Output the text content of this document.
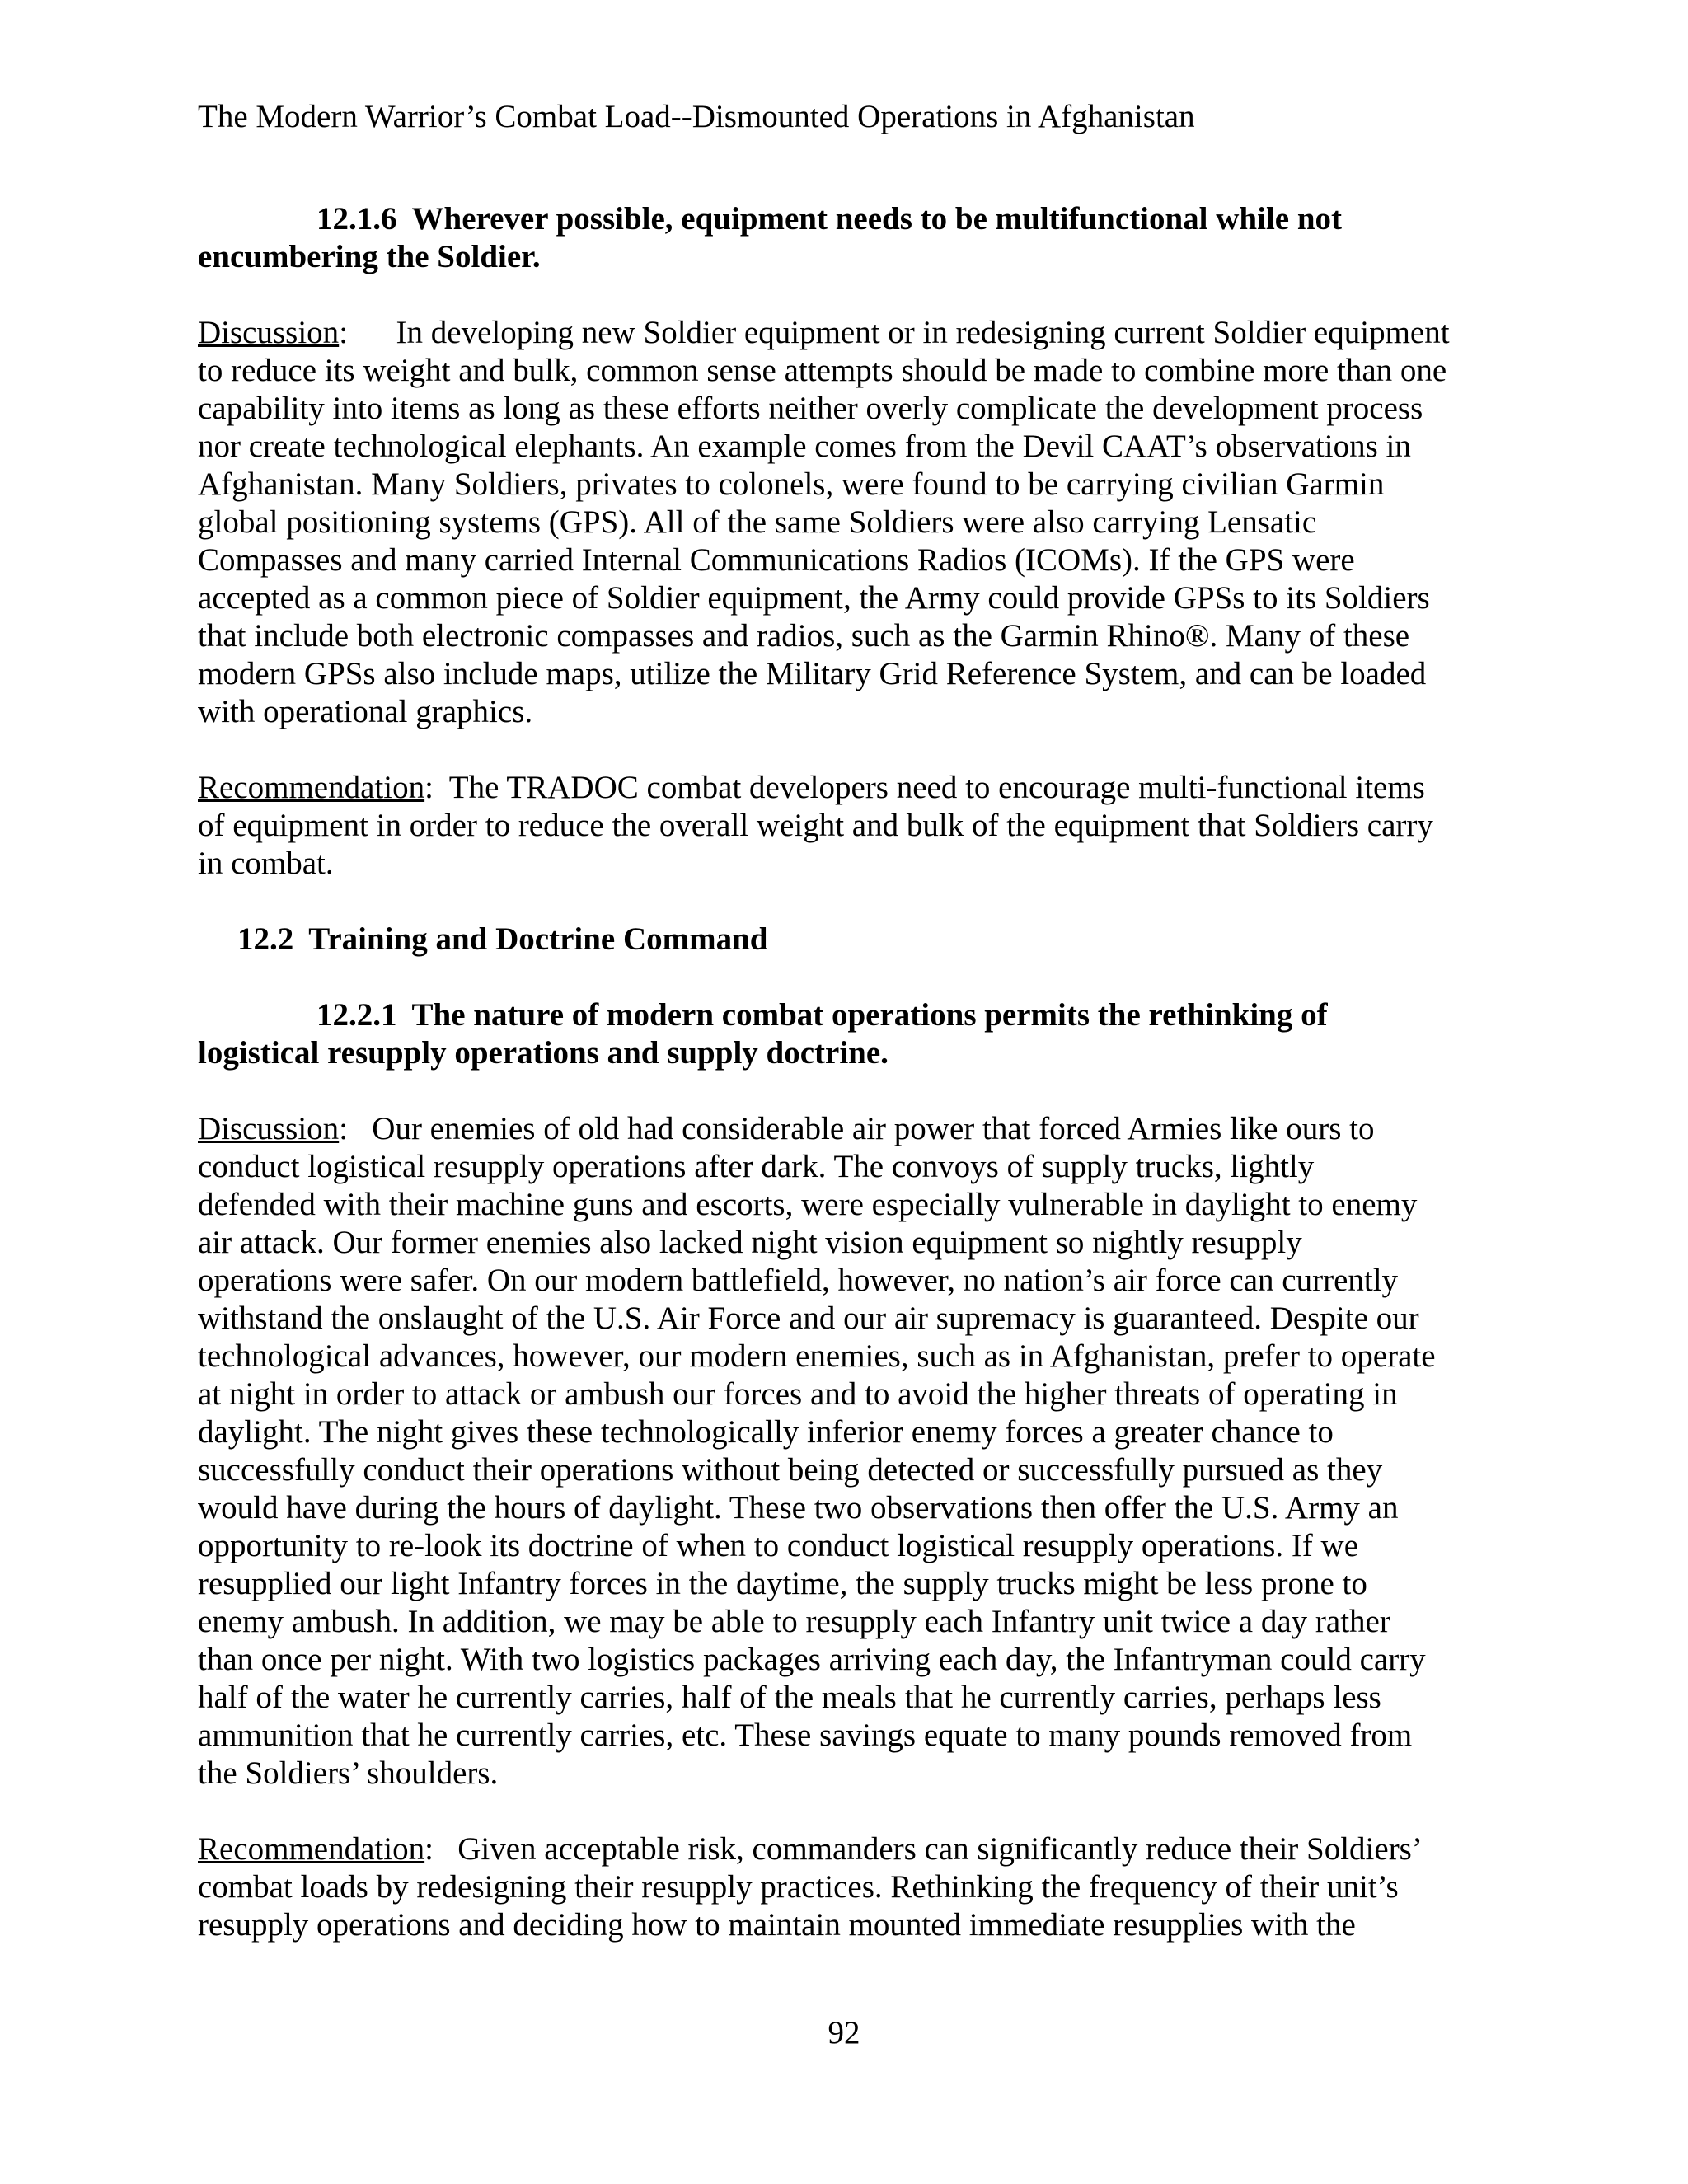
The Modern Warrior’s Combat Load--Dismounted Operations in Afghanistan
12.1.6 Wherever possible, equipment needs to be multifunctional while not
encumbering the Soldier.
Discussion:      In developing new Soldier equipment or in redesigning current Soldier equipment
to reduce its weight and bulk, common sense attempts should be made to combine more than one
capability into items as long as these efforts neither overly complicate the development process
nor create technological elephants. An example comes from the Devil CAAT’s observations in
Afghanistan. Many Soldiers, privates to colonels, were found to be carrying civilian Garmin
global positioning systems (GPS). All of the same Soldiers were also carrying Lensatic
Compasses and many carried Internal Communications Radios (ICOMs). If the GPS were
accepted as a common piece of Soldier equipment, the Army could provide GPSs to its Soldiers
that include both electronic compasses and radios, such as the Garmin Rhino®. Many of these
modern GPSs also include maps, utilize the Military Grid Reference System, and can be loaded
with operational graphics.
Recommendation:  The TRADOC combat developers need to encourage multi-functional items
of equipment in order to reduce the overall weight and bulk of the equipment that Soldiers carry
in combat.
12.2 Training and Doctrine Command
12.2.1 The nature of modern combat operations permits the rethinking of
logistical resupply operations and supply doctrine.
Discussion:   Our enemies of old had considerable air power that forced Armies like ours to
conduct logistical resupply operations after dark. The convoys of supply trucks, lightly
defended with their machine guns and escorts, were especially vulnerable in daylight to enemy
air attack. Our former enemies also lacked night vision equipment so nightly resupply
operations were safer. On our modern battlefield, however, no nation’s air force can currently
withstand the onslaught of the U.S. Air Force and our air supremacy is guaranteed. Despite our
technological advances, however, our modern enemies, such as in Afghanistan, prefer to operate
at night in order to attack or ambush our forces and to avoid the higher threats of operating in
daylight. The night gives these technologically inferior enemy forces a greater chance to
successfully conduct their operations without being detected or successfully pursued as they
would have during the hours of daylight. These two observations then offer the U.S. Army an
opportunity to re-look its doctrine of when to conduct logistical resupply operations. If we
resupplied our light Infantry forces in the daytime, the supply trucks might be less prone to
enemy ambush. In addition, we may be able to resupply each Infantry unit twice a day rather
than once per night. With two logistics packages arriving each day, the Infantryman could carry
half of the water he currently carries, half of the meals that he currently carries, perhaps less
ammunition that he currently carries, etc. These savings equate to many pounds removed from
the Soldiers’ shoulders.
Recommendation:   Given acceptable risk, commanders can significantly reduce their Soldiers’
combat loads by redesigning their resupply practices. Rethinking the frequency of their unit’s
resupply operations and deciding how to maintain mounted immediate resupplies with the
92
